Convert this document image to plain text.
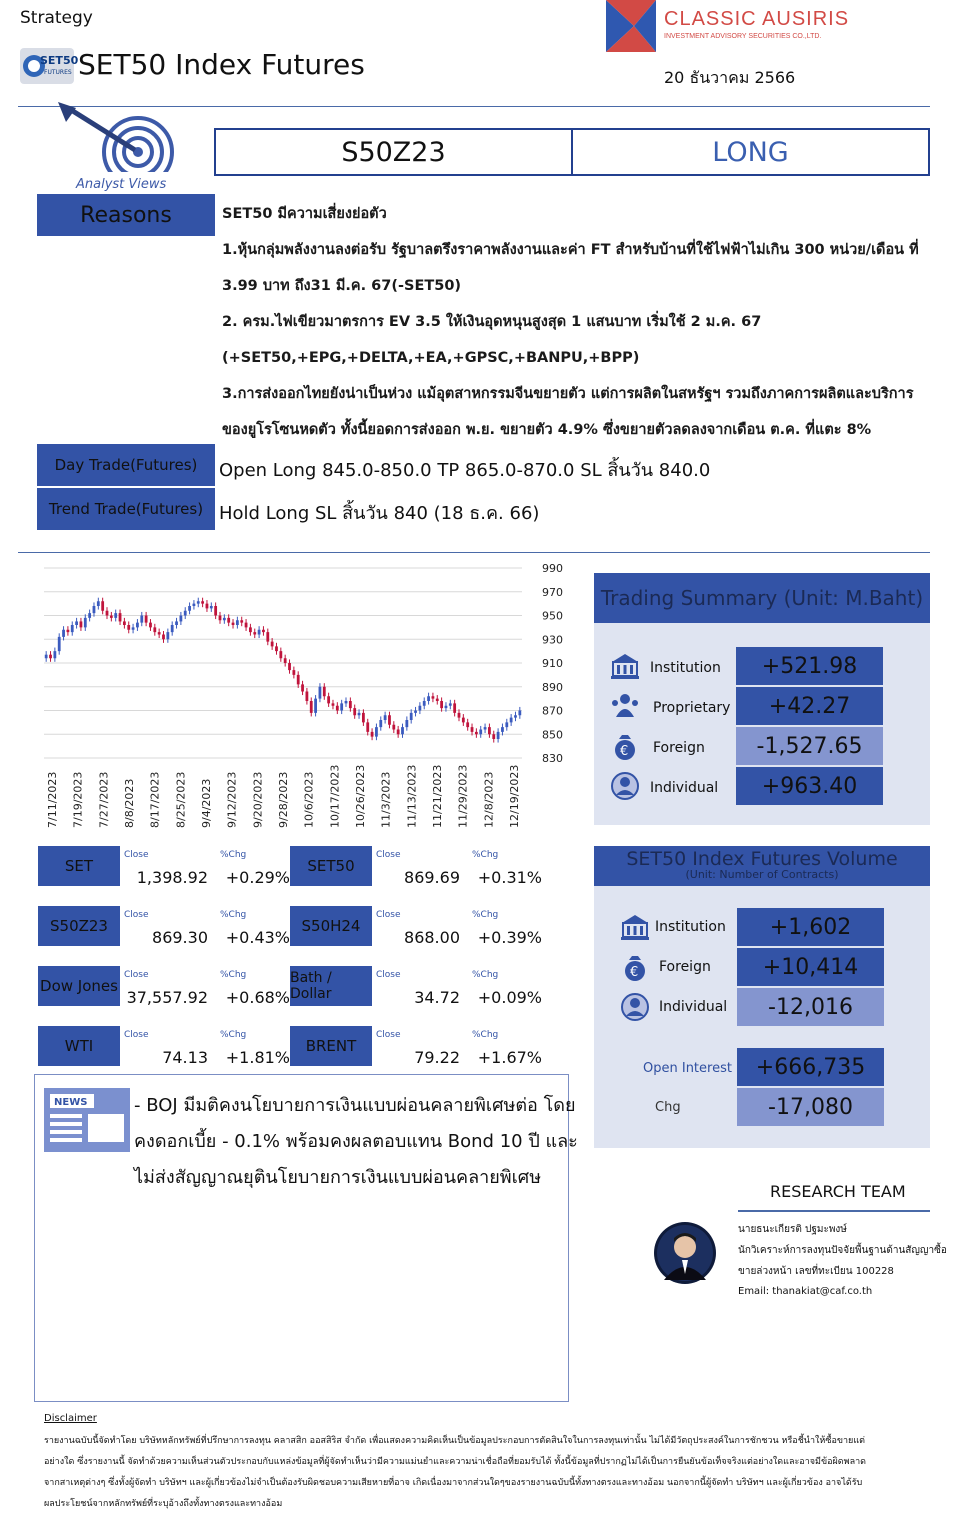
Strategy
SET50
FUTURES SET50 Index Futures
CLASSIC AUSIRIS
INVESTMENT ADVISORY SECURITIES CO.,LTD.
20 ธันวาคม 2566
Analyst Views
S50Z23	LONG
Reasons	SET50 มีความเสี่ยงย่อตัว
1.หุ้นกลุ่มพลังงานลงต่อรับ รัฐบาลตรึงราคาพลังงานและค่า FT สำหรับบ้านที่ใช้ไฟฟ้าไม่เกิน 300 หน่วย/เดือน ที่
3.99 บาท ถึง31 มี.ค. 67(-SET50)
2. ครม.ไฟเขียวมาตรการ EV 3.5 ให้เงินอุดหนุนสูงสุด 1 แสนบาท เริ่มใช้ 2 ม.ค. 67
(+SET50,+EPG,+DELTA,+EA,+GPSC,+BANPU,+BPP)
3.การส่งออกไทยยังน่าเป็นห่วง แม้อุตสาหกรรมจีนขยายตัว แต่การผลิตในสหรัฐฯ รวมถึงภาคการผลิตและบริการ
ของยูโรโซนหดตัว ทั้งนี้ยอดการส่งออก พ.ย. ขยายตัว 4.9% ซึ่งขยายตัวลดลงจากเดือน ต.ค. ที่แตะ 8%
Day Trade(Futures)	Open Long 845.0-850.0 TP 865.0-870.0 SL สิ้นวัน 840.0
Trend Trade(Futures) Hold Long SL สิ้นวัน 840 (18 ธ.ค. 66)
990
970
950
930
910
890
870
850
830
7/11/2023 7/19/2023 7/27/2023 8/8/2023 8/17/2023 8/25/2023 9/4/2023 9/12/2023 9/20/2023 9/28/2023 10/6/2023 10/17/2023 10/26/2023 11/3/2023 11/13/2023 11/21/2023 11/29/2023 12/8/2023 12/19/2023
Trading Summary (Unit: M.Baht)
Institution	+521.98
Proprietary	+42.27
€ Foreign	-1,527.65
Individual	+963.40
SET50 Index Futures Volume
(Unit: Number of Contracts)
Institution	+1,602
€ Foreign	+10,414
Individual	-12,016
Open Interest	+666,735
Chg	-17,080
SET
Close	%Chg
1,398.92	+0.29%
SET50
Close	%Chg
869.69	+0.31%
S50Z23
Close	%Chg
869.30	+0.43%
S50H24
Close	%Chg
868.00	+0.39%
Dow Jones
Close	%Chg
37,557.92	+0.68%
Bath / Dollar
Close	%Chg
34.72	+0.09%
WTI
Close	%Chg
74.13	+1.81%
BRENT
Close	%Chg
79.22	+1.67%
NEWS	- BOJ มีมติคงนโยบายการเงินแบบผ่อนคลายพิเศษต่อ โดย
คงดอกเบี้ย - 0.1% พร้อมคงผลตอบแทน Bond 10 ปี และ
ไม่ส่งสัญญาณยุตินโยบายการเงินแบบผ่อนคลายพิเศษ
RESEARCH TEAM
นายธนะเกียรติ ปฐมะพงษ์
นักวิเคราะห์การลงทุนปัจจัยพื้นฐานด้านสัญญาซื้อ
ขายล่วงหน้า เลขที่ทะเบียน 100228
Email: thanakiat@caf.co.th
Disclaimer
รายงานฉบับนี้จัดทำโดย บริษัทหลักทรัพย์ที่ปรึกษาการลงทุน คลาสสิก ออสสิริส จำกัด เพื่อแสดงความคิดเห็นเป็นข้อมูลประกอบการตัดสินใจในการลงทุนเท่านั้น ไม่ได้มีวัตถุประสงค์ในการชักชวน หรือชี้นำให้ซื้อขายแต่
อย่างใด ซึ่งรายงานนี้ จัดทำด้วยความเห็นส่วนตัวประกอบกับแหล่งข้อมูลที่ผู้จัดทำเห็นว่ามีความแม่นยำและความน่าเชื่อถือที่ยอมรับได้ ทั้งนี้ข้อมูลที่ปรากฏไม่ได้เป็นการยืนยันข้อเท็จจริงแต่อย่างใดและอาจมีข้อผิดพลาด
จากสาเหตุต่างๆ ซึ่งทั้งผู้จัดทำ บริษัทฯ และผู้เกี่ยวข้องไม่จำเป็นต้องรับผิดชอบความเสียหายที่อาจ เกิดเนื่องมาจากส่วนใดๆของรายงานฉบับนี้ทั้งทางตรงและทางอ้อม นอกจากนี้ผู้จัดทำ บริษัทฯ และผู้เกี่ยวข้อง อาจได้รับ
ผลประโยชน์จากหลักทรัพย์ที่ระบุอ้างถึงทั้งทางตรงและทางอ้อม
